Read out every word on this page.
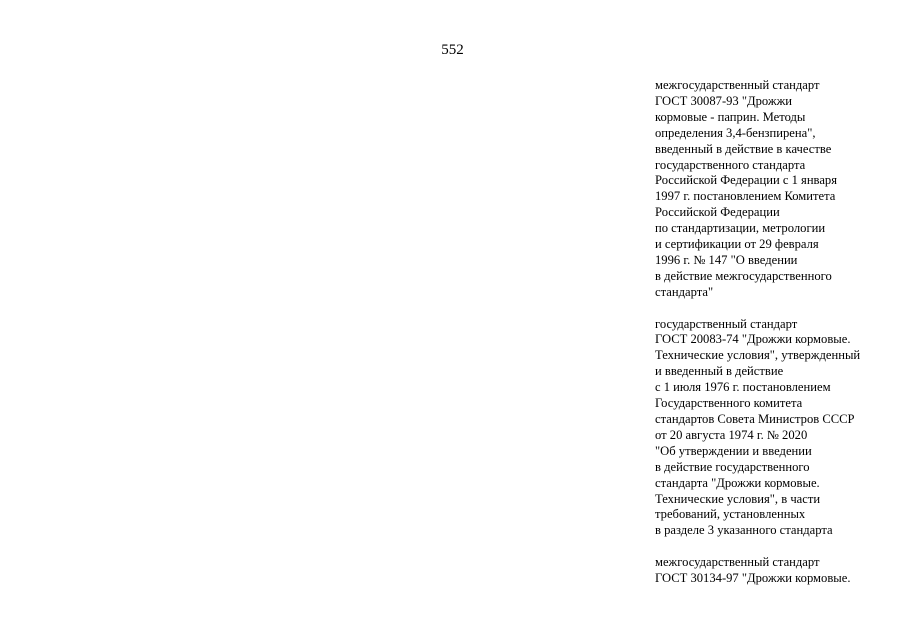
552
межгосударственный стандарт
ГОСТ 30087-93 "Дрожжи
кормовые - паприн. Методы
определения 3,4-бензпирена",
введенный в действие в качестве
государственного стандарта
Российской Федерации с 1 января
1997 г. постановлением Комитета
Российской Федерации
по стандартизации, метрологии
и сертификации от 29 февраля
1996 г. № 147 "О введении
в действие межгосударственного
стандарта"
государственный стандарт
ГОСТ 20083-74 "Дрожжи кормовые.
Технические условия", утвержденный
и введенный в действие
с 1 июля 1976 г. постановлением
Государственного комитета
стандартов Совета Министров СССР
от 20 августа 1974 г. № 2020
"Об утверждении и введении
в действие государственного
стандарта "Дрожжи кормовые.
Технические условия", в части
требований, установленных
в разделе 3 указанного стандарта
межгосударственный стандарт
ГОСТ 30134-97 "Дрожжи кормовые.
